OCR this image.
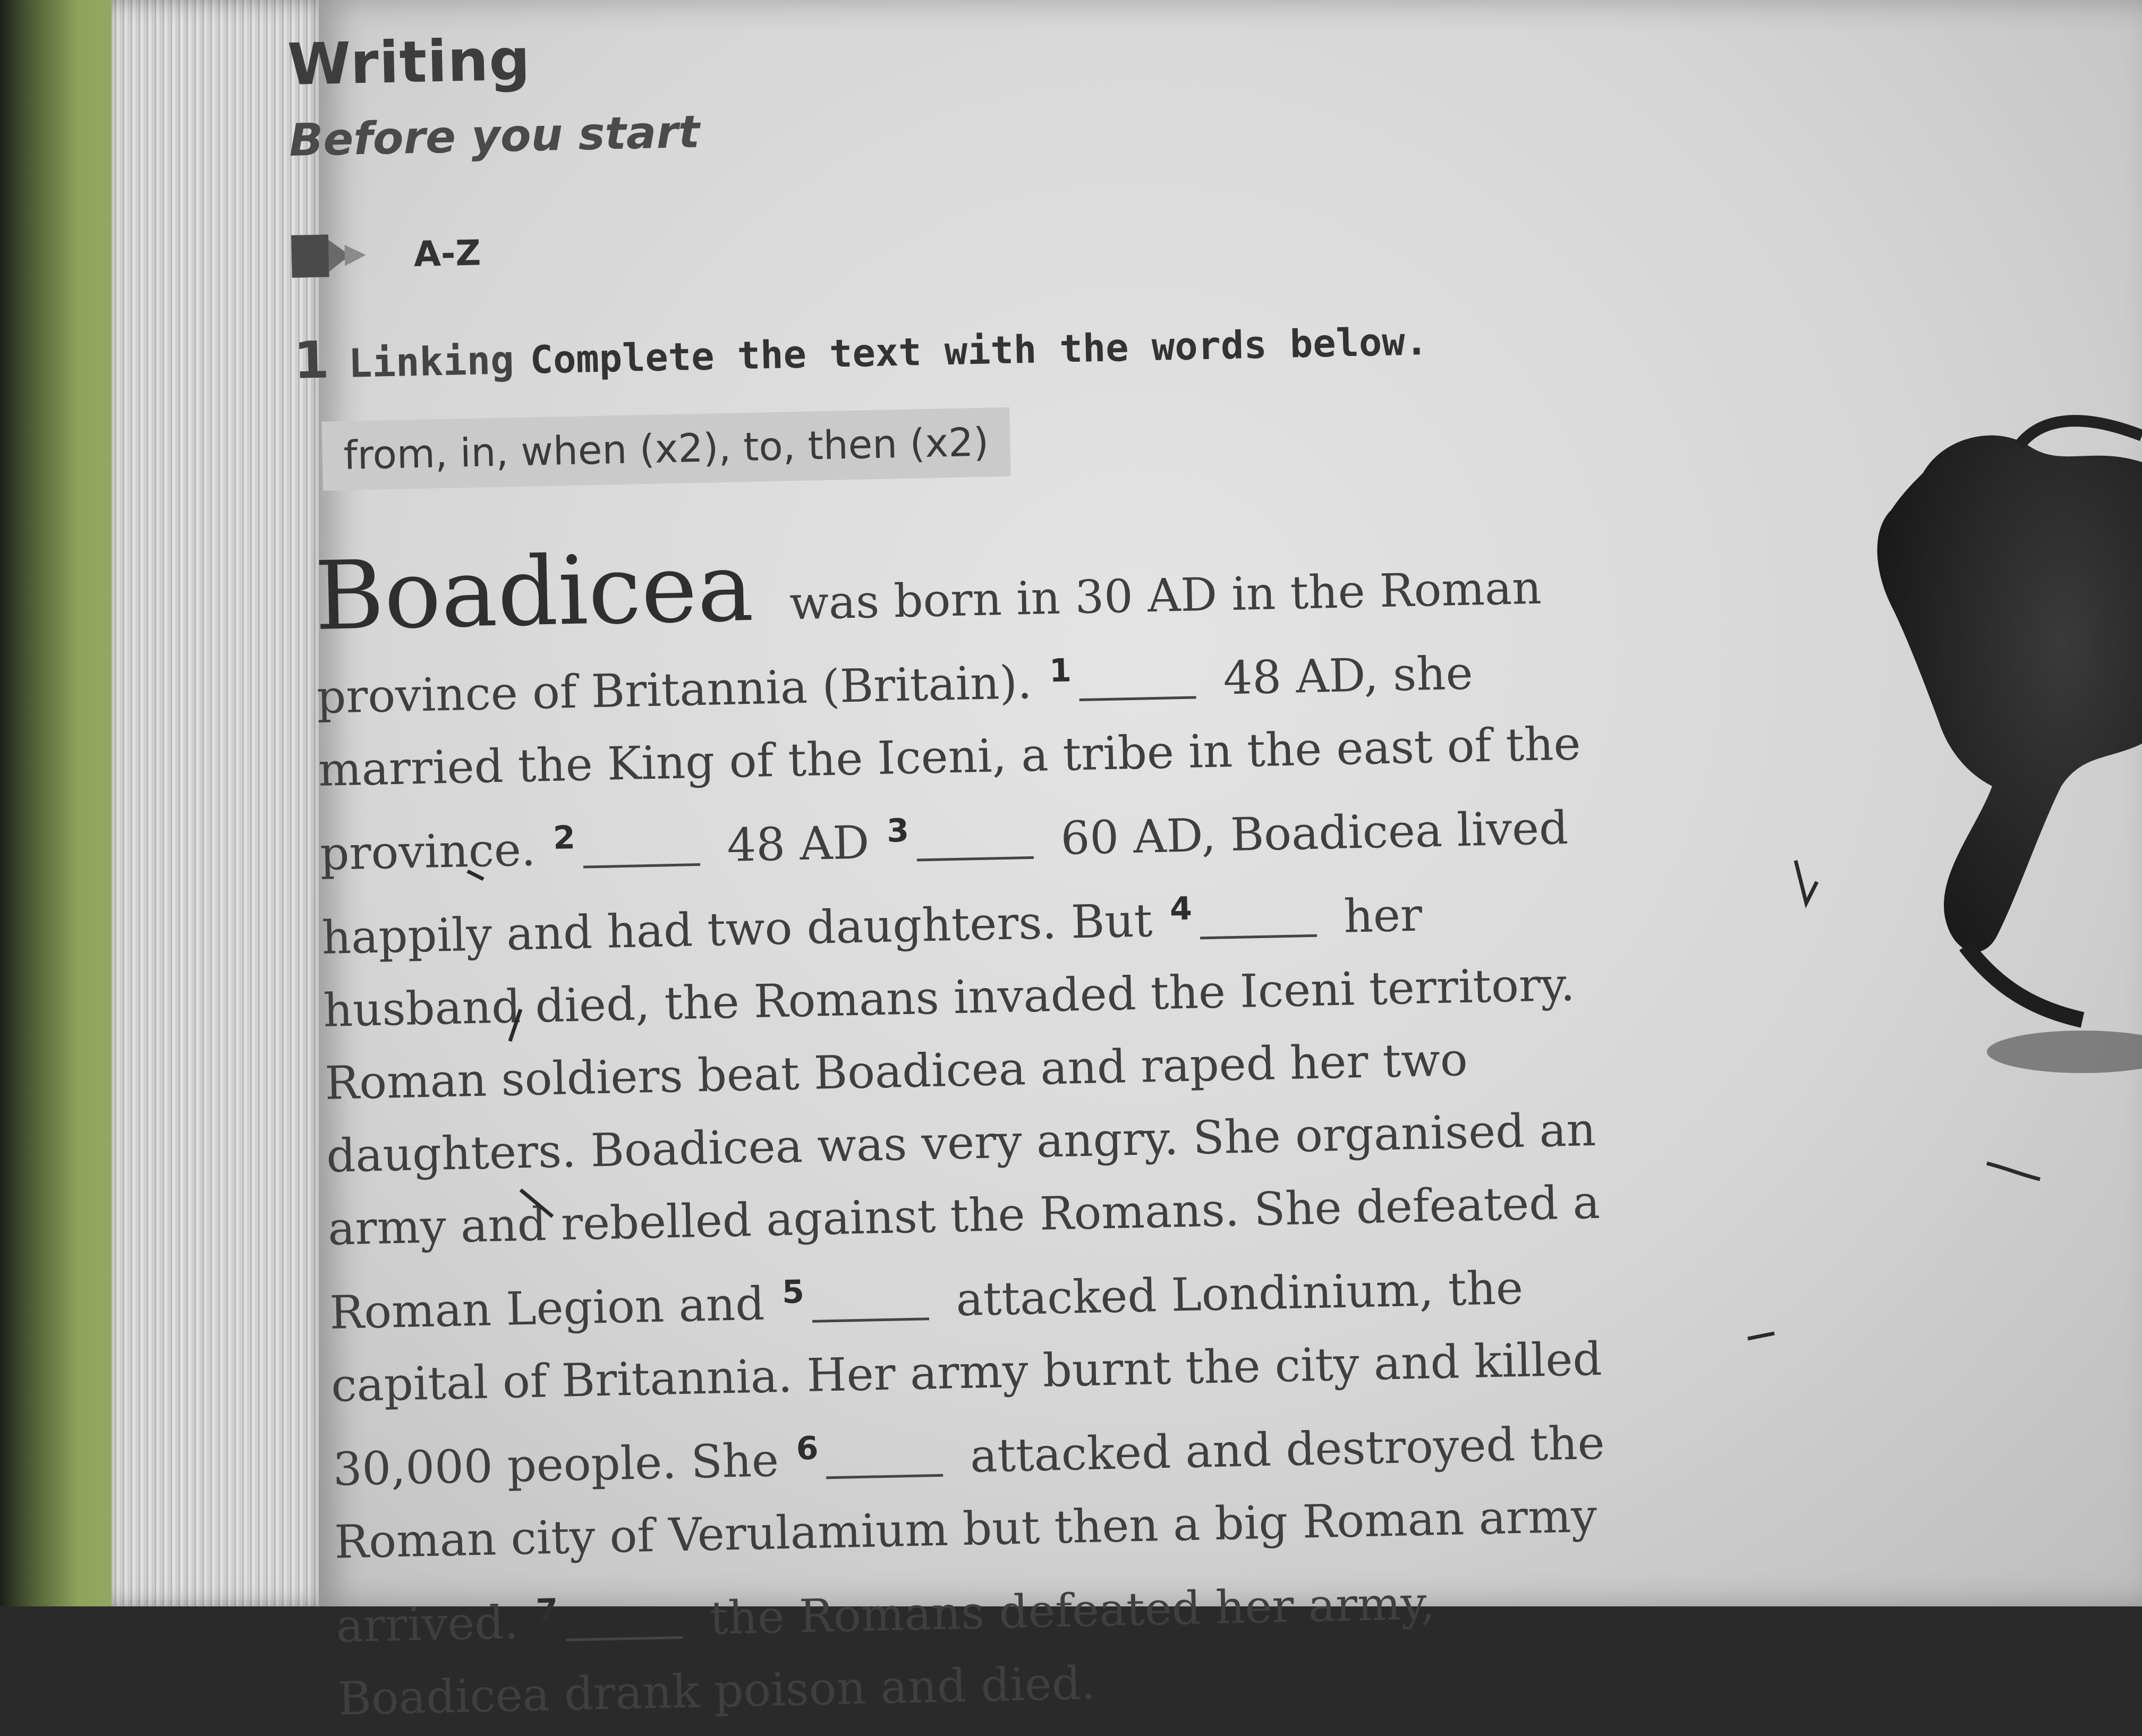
Writing
Before you start
A-Z
1 Linking Complete the text with the words below.
from, in, when (x2), to, then (x2)
Boadicea was born in 30 AD in the Roman province of Britannia (Britain). $^1$	48 AD, she married the King of the Iceni, a tribe in the east of the province. $^2$	48 AD $^3$	60 AD, Boadicea lived happily and had two daughters. But $^4$	her husband died, the Romans invaded the Iceni territory. Roman soldiers beat Boadicea and raped her two daughters. Boadicea was very angry. She organised an army and rebelled against the Romans. She defeated a Roman Legion and $^5$	attacked Londinium, the capital of Britannia. Her army burnt the city and killed 30,000 people. She $^6$	attacked and destroyed the Roman city of Verulamium but then a big Roman army arrived. $^7$	the Romans defeated her army, Boadicea drank poison and died.
